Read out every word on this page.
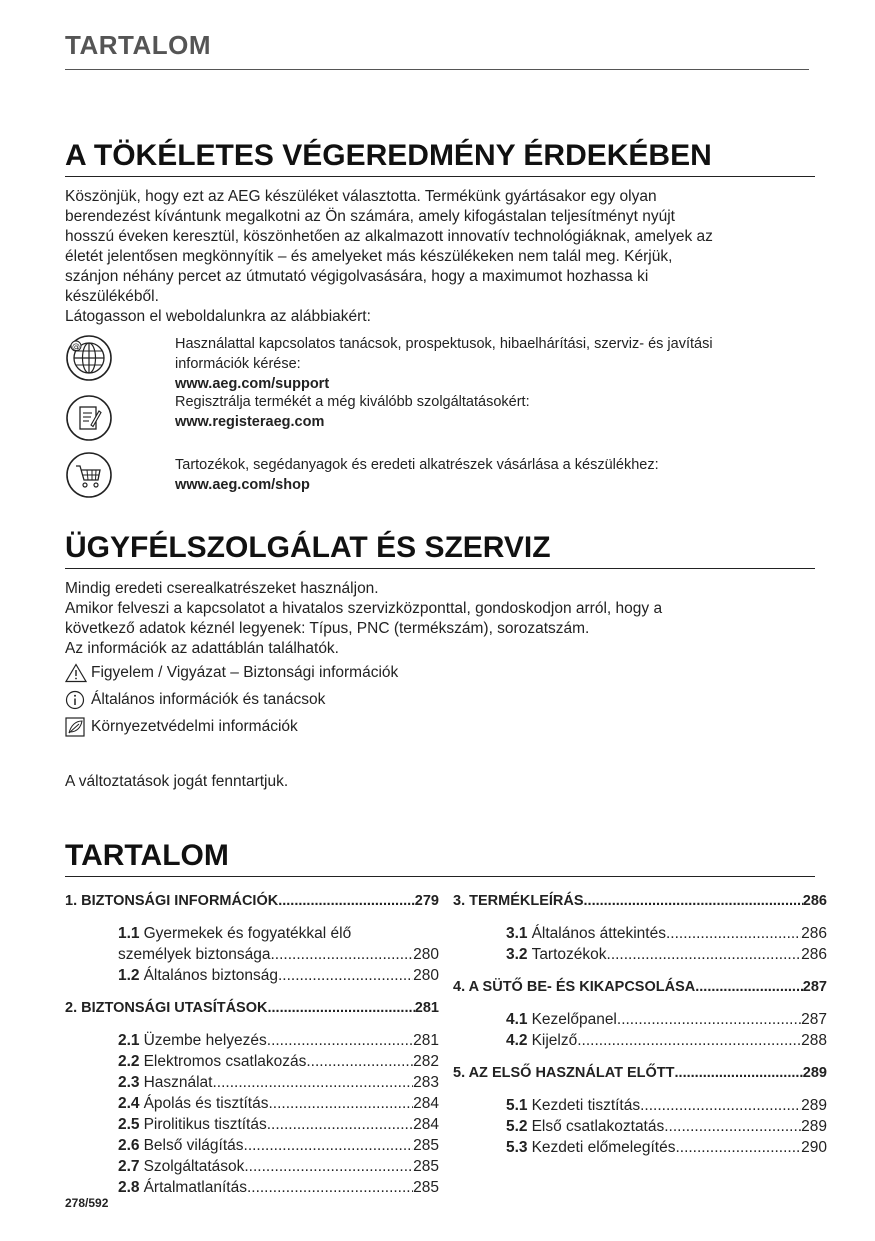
TARTALOM
A TÖKÉLETES VÉGEREDMÉNY ÉRDEKÉBEN
Köszönjük, hogy ezt az AEG készüléket választotta. Termékünk gyártásakor egy olyan
berendezést kívántunk megalkotni az Ön számára, amely kifogástalan teljesítményt nyújt
hosszú éveken keresztül, köszönhetően az alkalmazott innovatív technológiáknak, amelyek az
életét jelentősen megkönnyítik – és amelyeket más készülékeken nem talál meg. Kérjük,
szánjon néhány percet az útmutató végigolvasására, hogy a maximumot hozhassa ki
készülékéből.
Látogasson el weboldalunkra az alábbiakért:
@	Használattal kapcsolatos tanácsok, prospektusok, hibaelhárítási, szerviz- és javítási
információk kérése:
www.aeg.com/support
Regisztrálja termékét a még kiválóbb szolgáltatásokért:
www.registeraeg.com
Tartozékok, segédanyagok és eredeti alkatrészek vásárlása a készülékhez:
www.aeg.com/shop
ÜGYFÉLSZOLGÁLAT ÉS SZERVIZ
Mindig eredeti cserealkatrészeket használjon.
Amikor felveszi a kapcsolatot a hivatalos szervizközponttal, gondoskodjon arról, hogy a
következő adatok kéznél legyenek: Típus, PNC (termékszám), sorozatszám.
Az információk az adattáblán találhatók.
Figyelem / Vigyázat – Biztonsági információk
Általános információk és tanácsok
Környezetvédelmi információk
A változtatások jogát fenntartjuk.
TARTALOM
1. BIZTONSÁGI INFORMÁCIÓK .....	279
1.1 Gyermekek és fogyatékkal élő
személyek biztonsága .....	280
1.2 Általános biztonság .....	280
2. BIZTONSÁGI UTASÍTÁSOK .....	281
2.1 Üzembe helyezés .....	281
2.2 Elektromos csatlakozás .....	282
2.3 Használat .....	283
2.4 Ápolás és tisztítás .....	284
2.5 Pirolitikus tisztítás .....	284
2.6 Belső világítás .....	285
2.7 Szolgáltatások .....	285
2.8 Ártalmatlanítás .....	285
3. TERMÉKLEÍRÁS .....	286
3.1 Általános áttekintés .....	286
3.2 Tartozékok .....	286
4. A SÜTŐ BE- ÉS KIKAPCSOLÁSA .....	287
4.1 Kezelőpanel .....	287
4.2 Kijelző .....	288
5. AZ ELSŐ HASZNÁLAT ELŐTT .....	289
5.1 Kezdeti tisztítás .....	289
5.2 Első csatlakoztatás .....	289
5.3 Kezdeti előmelegítés .....	290
278/592
